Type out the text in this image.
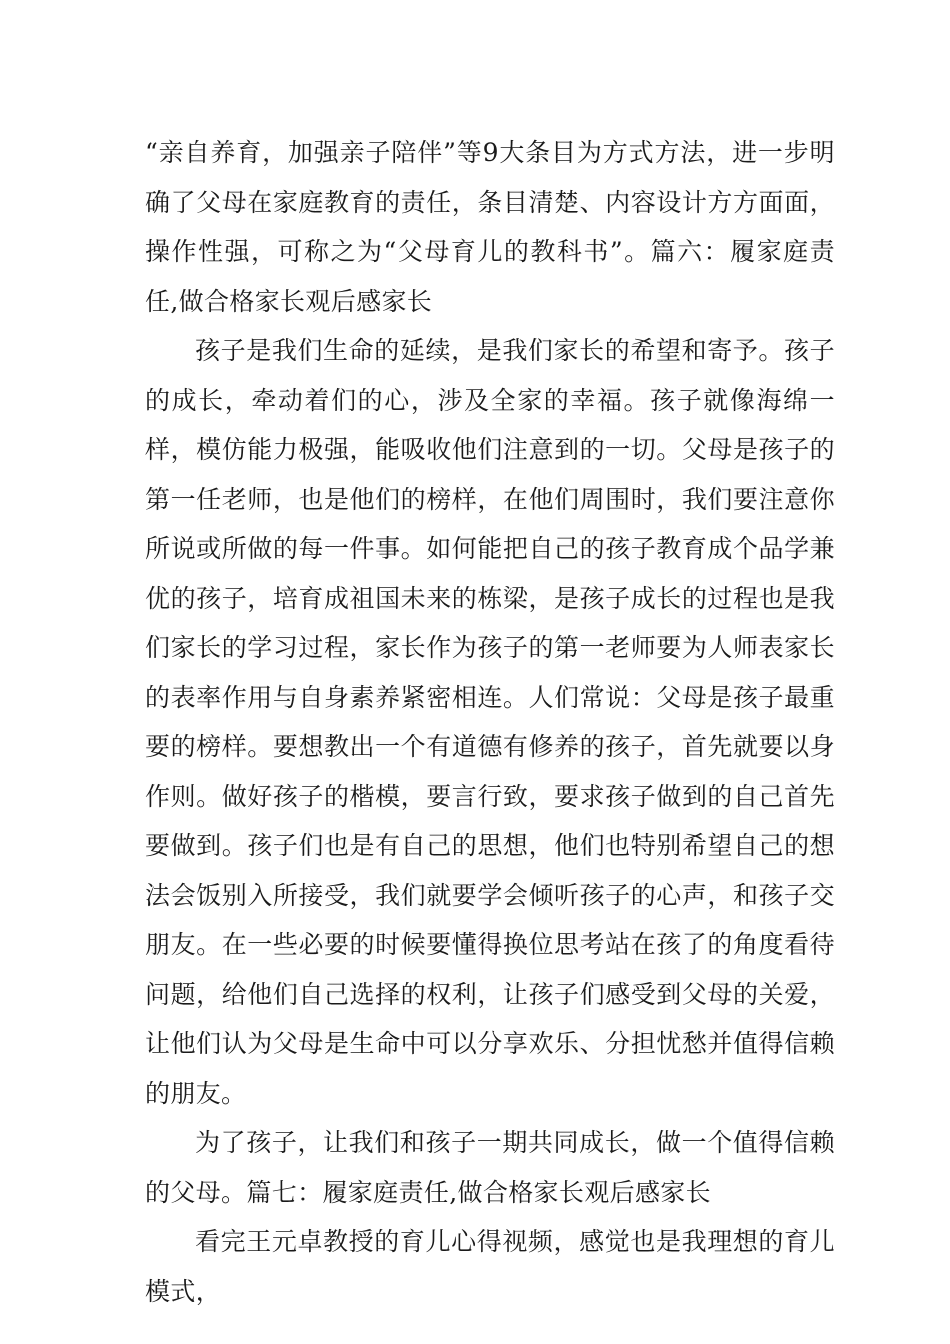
“亲自养育，加强亲子陪伴”等9大条目为方式方法，进一步明确了父母在家庭教育的责任，条目清楚、内容设计方方面面，操作性强，可称之为“父母育儿的教科书”。篇六：履家庭责任,做合格家长观后感家长

孩子是我们生命的延续，是我们家长的希望和寄予。孩子的成长，牵动着们的心，涉及全家的幸福。孩子就像海绵一样，模仿能力极强，能吸收他们注意到的一切。父母是孩子的第一任老师，也是他们的榜样，在他们周围时，我们要注意你所说或所做的每一件事。如何能把自己的孩子教育成个品学兼优的孩子，培育成祖国未来的栋梁，是孩子成长的过程也是我们家长的学习过程，家长作为孩子的第一老师要为人师表家长的表率作用与自身素养紧密相连。人们常说：父母是孩子最重要的榜样。要想教出一个有道德有修养的孩子，首先就要以身作则。做好孩子的楷模，要言行致，要求孩子做到的自己首先要做到。孩子们也是有自己的思想，他们也特别希望自己的想法会饭别入所接受，我们就要学会倾听孩子的心声，和孩子交朋友。在一些必要的时候要懂得换位思考站在孩了的角度看待问题，给他们自己选择的权利，让孩子们感受到父母的关爱，让他们认为父母是生命中可以分享欢乐、分担忧愁并值得信赖的朋友。

为了孩子，让我们和孩子一期共同成长，做一个值得信赖的父母。篇七：履家庭责任,做合格家长观后感家长

看完王元卓教授的育儿心得视频，感觉也是我理想的育儿模式，
